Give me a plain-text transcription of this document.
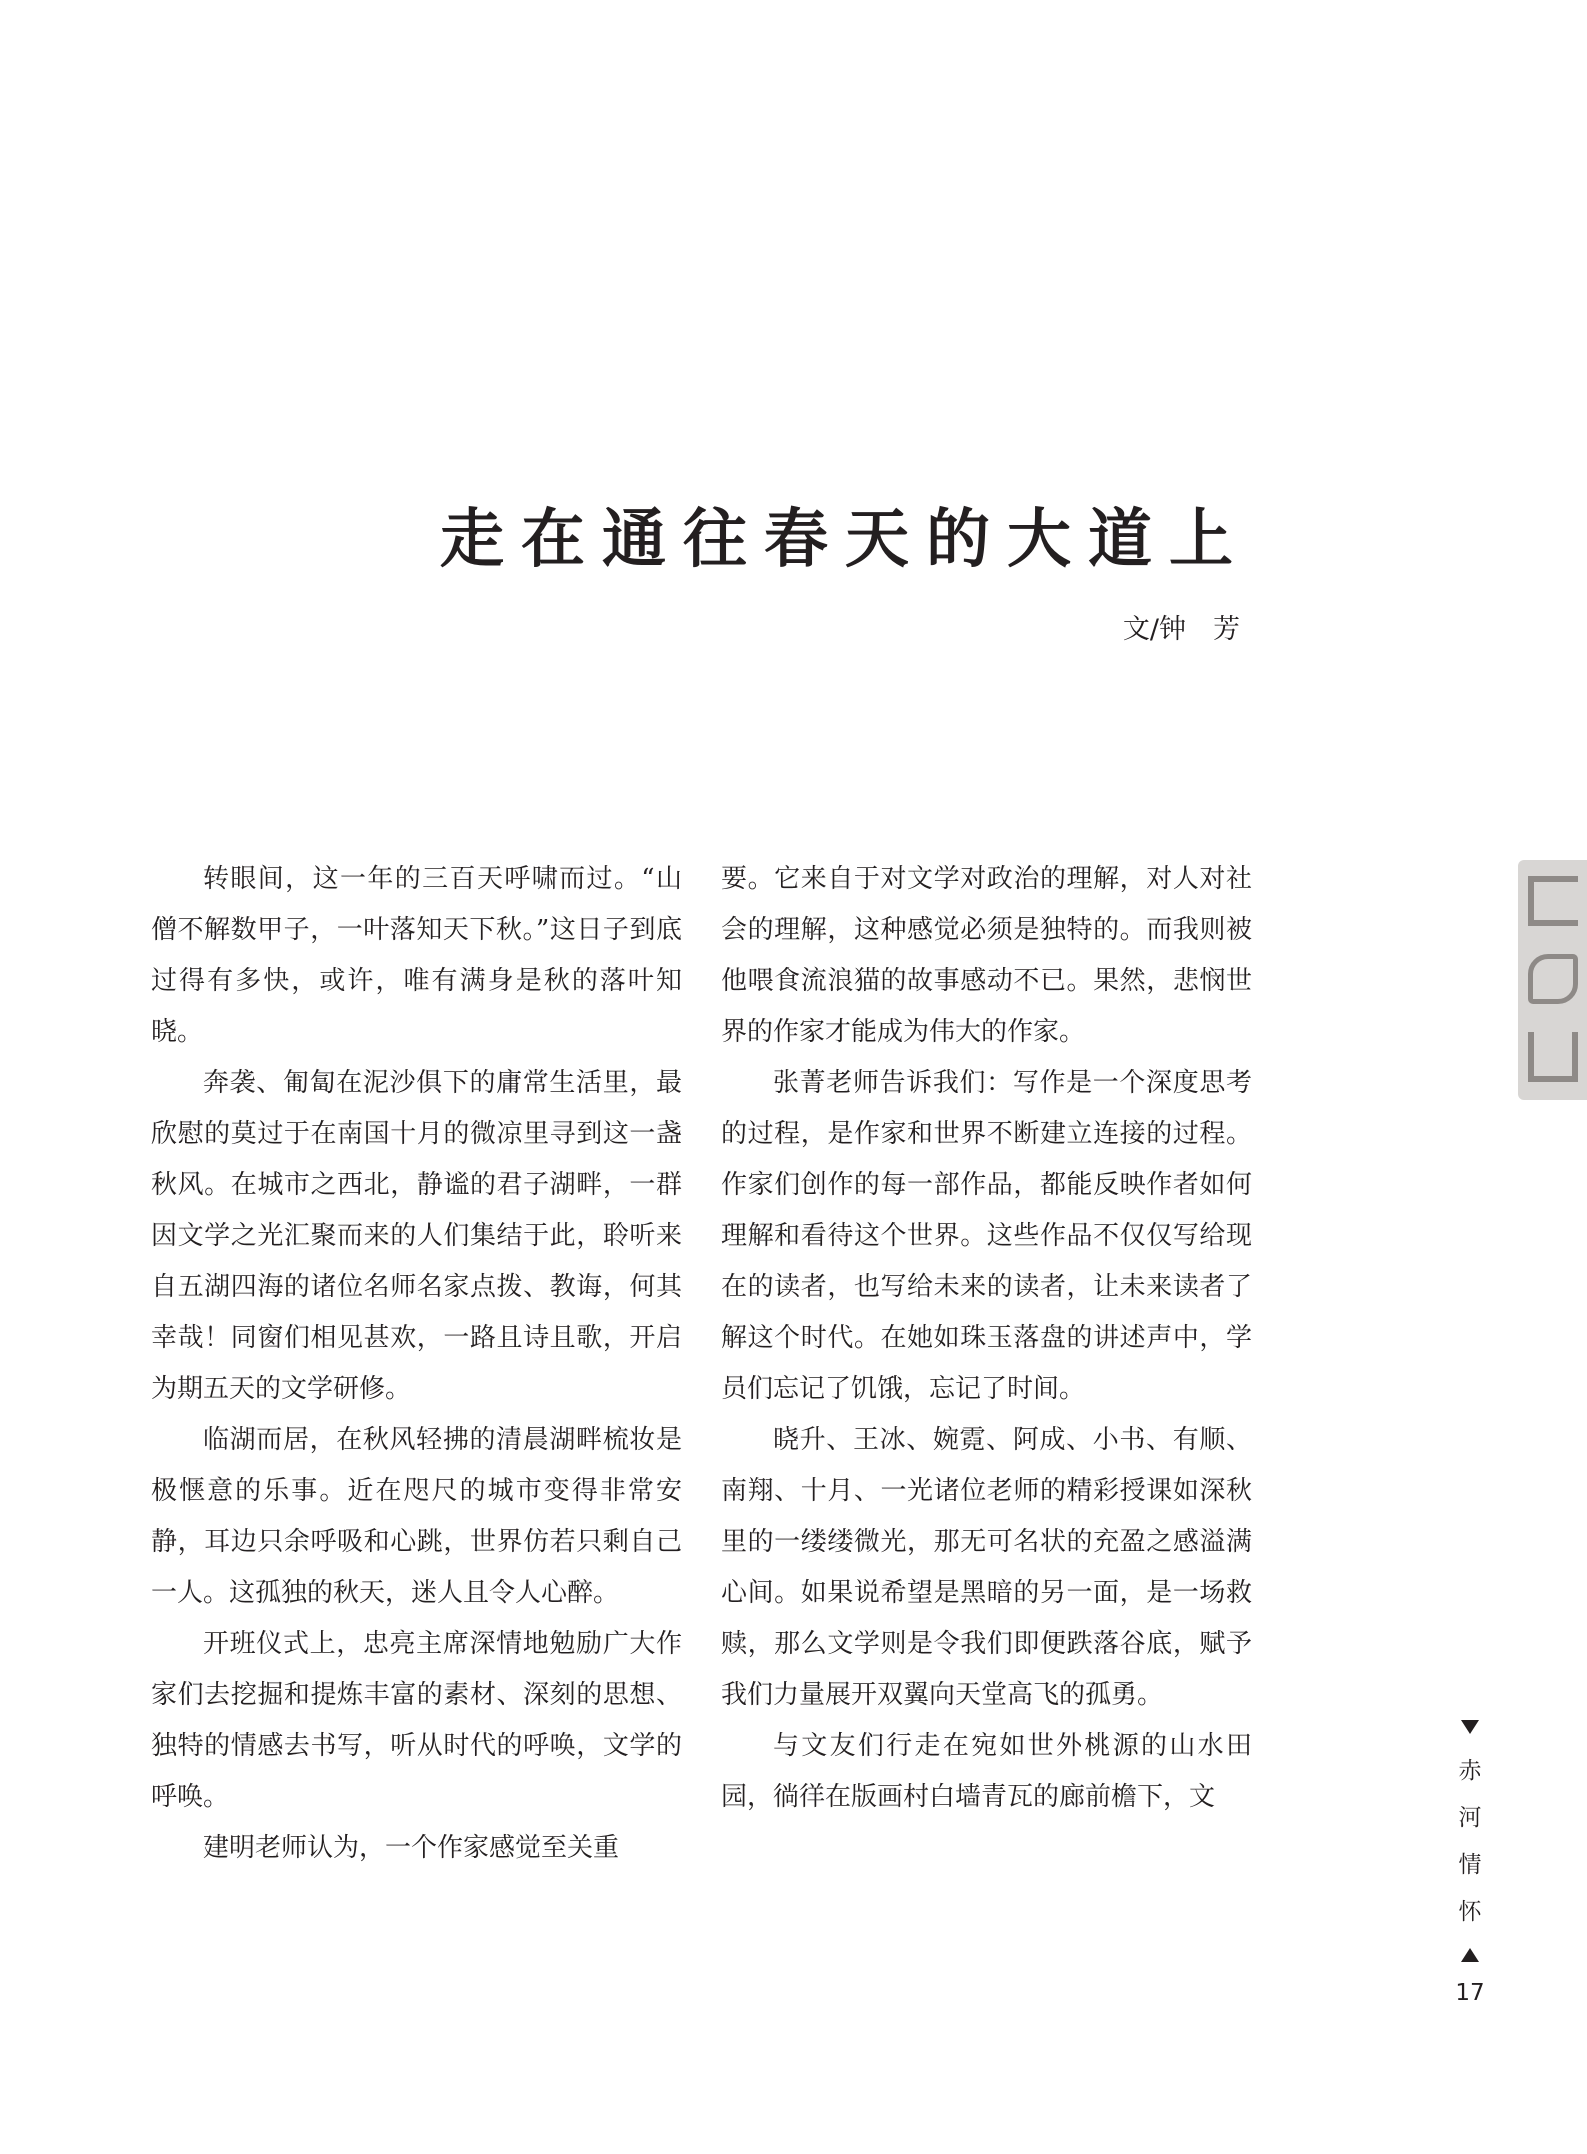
走在通往春天的大道上
文/钟　芳

转眼间，这一年的三百天呼啸而过。“山僧不解数甲子，一叶落知天下秋。”这日子到底过得有多快，或许，唯有满身是秋的落叶知晓。

奔袭、匍匐在泥沙俱下的庸常生活里，最欣慰的莫过于在南国十月的微凉里寻到这一盏秋风。在城市之西北，静谧的君子湖畔，一群因文学之光汇聚而来的人们集结于此，聆听来自五湖四海的诸位名师名家点拨、教诲，何其幸哉！同窗们相见甚欢，一路且诗且歌，开启为期五天的文学研修。

临湖而居，在秋风轻拂的清晨湖畔梳妆是极惬意的乐事。近在咫尺的城市变得非常安静，耳边只余呼吸和心跳，世界仿若只剩自己一人。这孤独的秋天，迷人且令人心醉。

开班仪式上，忠亮主席深情地勉励广大作家们去挖掘和提炼丰富的素材、深刻的思想、独特的情感去书写，听从时代的呼唤，文学的呼唤。

建明老师认为，一个作家感觉至关重

要。它来自于对文学对政治的理解，对人对社会的理解，这种感觉必须是独特的。而我则被他喂食流浪猫的故事感动不已。果然，悲悯世界的作家才能成为伟大的作家。

张菁老师告诉我们：写作是一个深度思考的过程，是作家和世界不断建立连接的过程。作家们创作的每一部作品，都能反映作者如何理解和看待这个世界。这些作品不仅仅写给现在的读者，也写给未来的读者，让未来读者了解这个时代。在她如珠玉落盘的讲述声中，学员们忘记了饥饿，忘记了时间。

晓升、王冰、婉霓、阿成、小书、有顺、南翔、十月、一光诸位老师的精彩授课如深秋里的一缕缕微光，那无可名状的充盈之感溢满心间。如果说希望是黑暗的另一面，是一场救赎，那么文学则是令我们即便跌落谷底，赋予我们力量展开双翼向天堂高飞的孤勇。

与文友们行走在宛如世外桃源的山水田园，徜徉在版画村白墙青瓦的廊前檐下，文

赤
河
情
怀
17
